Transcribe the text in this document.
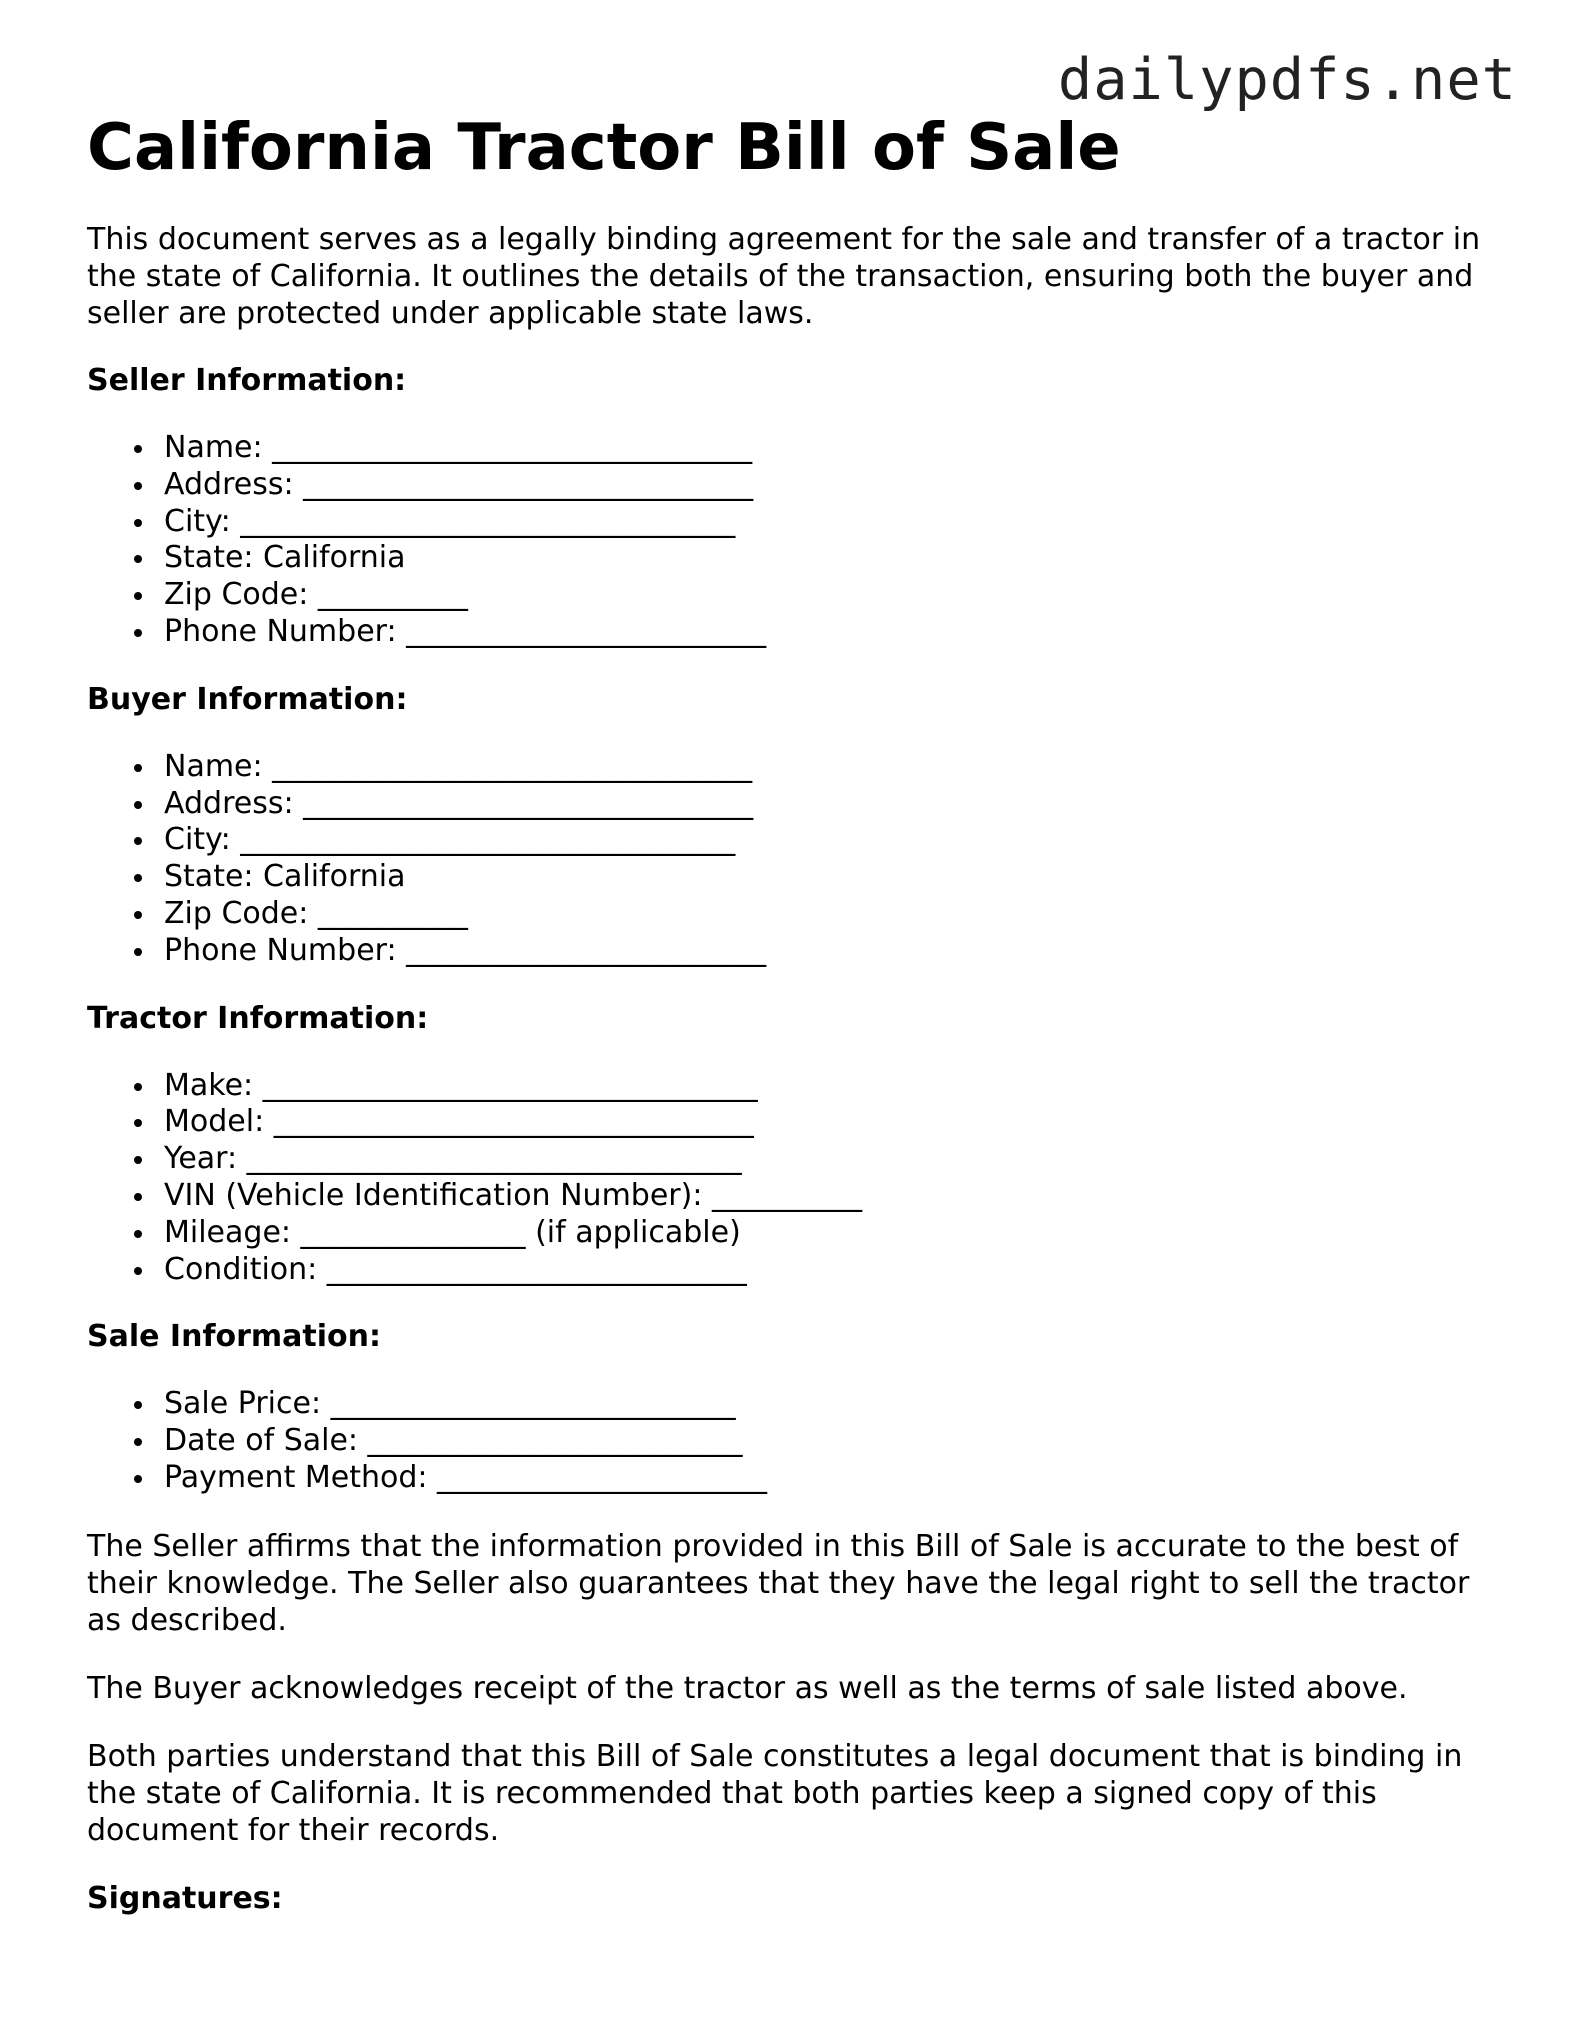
dailypdfs.net
California Tractor Bill of Sale

This document serves as a legally binding agreement for the sale and transfer of a tractor in the state of California. It outlines the details of the transaction, ensuring both the buyer and seller are protected under applicable state laws.

Seller Information:

Name: ________________________________
Address: ______________________________
City: _________________________________
State: California
Zip Code: __________
Phone Number: ________________________

Buyer Information:

Name: ________________________________
Address: ______________________________
City: _________________________________
State: California
Zip Code: __________
Phone Number: ________________________

Tractor Information:

Make: _________________________________
Model: ________________________________
Year: _________________________________
VIN (Vehicle Identification Number): __________
Mileage: _______________ (if applicable)
Condition: ____________________________

Sale Information:

Sale Price: ___________________________
Date of Sale: _________________________
Payment Method: ______________________

The Seller affirms that the information provided in this Bill of Sale is accurate to the best of their knowledge. The Seller also guarantees that they have the legal right to sell the tractor as described.

The Buyer acknowledges receipt of the tractor as well as the terms of sale listed above.

Both parties understand that this Bill of Sale constitutes a legal document that is binding in the state of California. It is recommended that both parties keep a signed copy of this document for their records.

Signatures:
